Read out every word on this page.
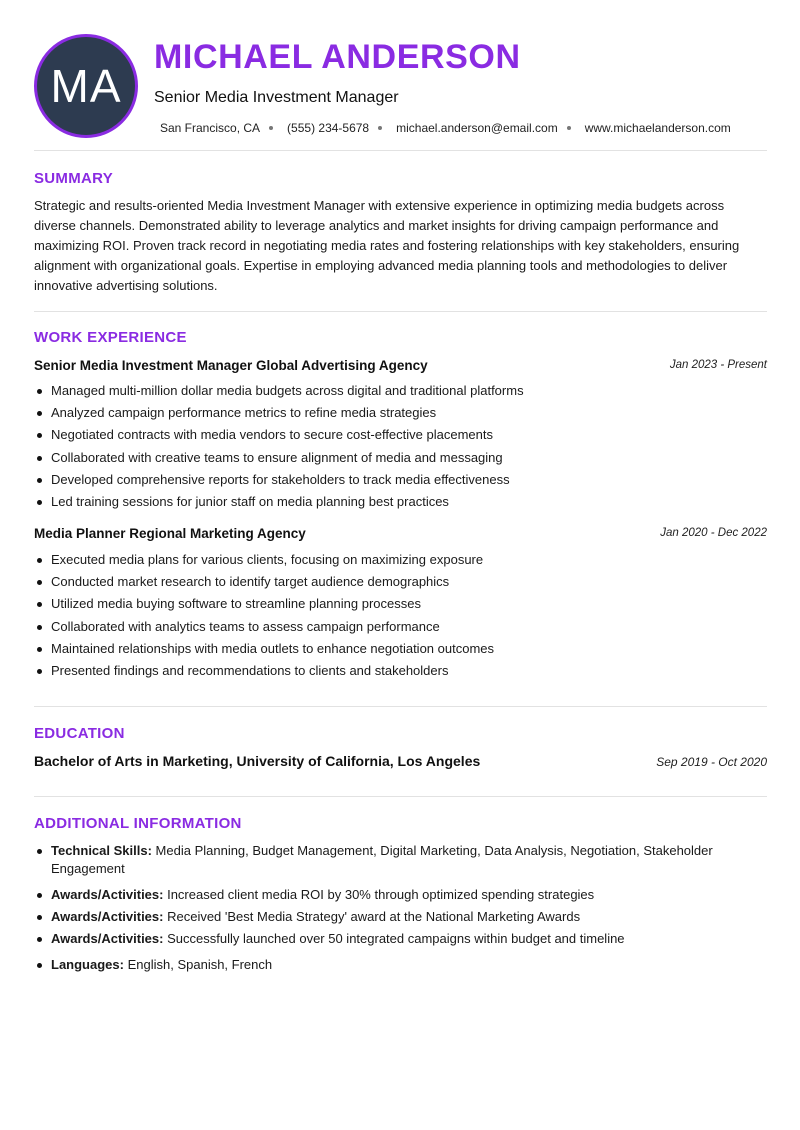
MA
MICHAEL ANDERSON
Senior Media Investment Manager
San Francisco, CA (555) 234-5678 michael.anderson@email.com www.michaelanderson.com
SUMMARY
Strategic and results-oriented Media Investment Manager with extensive experience in optimizing media budgets across diverse channels. Demonstrated ability to leverage analytics and market insights for driving campaign performance and maximizing ROI. Proven track record in negotiating media rates and fostering relationships with key stakeholders, ensuring alignment with organizational goals. Expertise in employing advanced media planning tools and methodologies to deliver innovative advertising solutions.
WORK EXPERIENCE
Senior Media Investment Manager Global Advertising Agency	Jan 2023 - Present
Managed multi-million dollar media budgets across digital and traditional platforms
Analyzed campaign performance metrics to refine media strategies
Negotiated contracts with media vendors to secure cost-effective placements
Collaborated with creative teams to ensure alignment of media and messaging
Developed comprehensive reports for stakeholders to track media effectiveness
Led training sessions for junior staff on media planning best practices
Media Planner Regional Marketing Agency	Jan 2020 - Dec 2022
Executed media plans for various clients, focusing on maximizing exposure
Conducted market research to identify target audience demographics
Utilized media buying software to streamline planning processes
Collaborated with analytics teams to assess campaign performance
Maintained relationships with media outlets to enhance negotiation outcomes
Presented findings and recommendations to clients and stakeholders
EDUCATION
Bachelor of Arts in Marketing, University of California, Los Angeles	Sep 2019 - Oct 2020
ADDITIONAL INFORMATION
Technical Skills: Media Planning, Budget Management, Digital Marketing, Data Analysis, Negotiation, Stakeholder Engagement
Awards/Activities: Increased client media ROI by 30% through optimized spending strategies
Awards/Activities: Received 'Best Media Strategy' award at the National Marketing Awards
Awards/Activities: Successfully launched over 50 integrated campaigns within budget and timeline
Languages: English, Spanish, French
